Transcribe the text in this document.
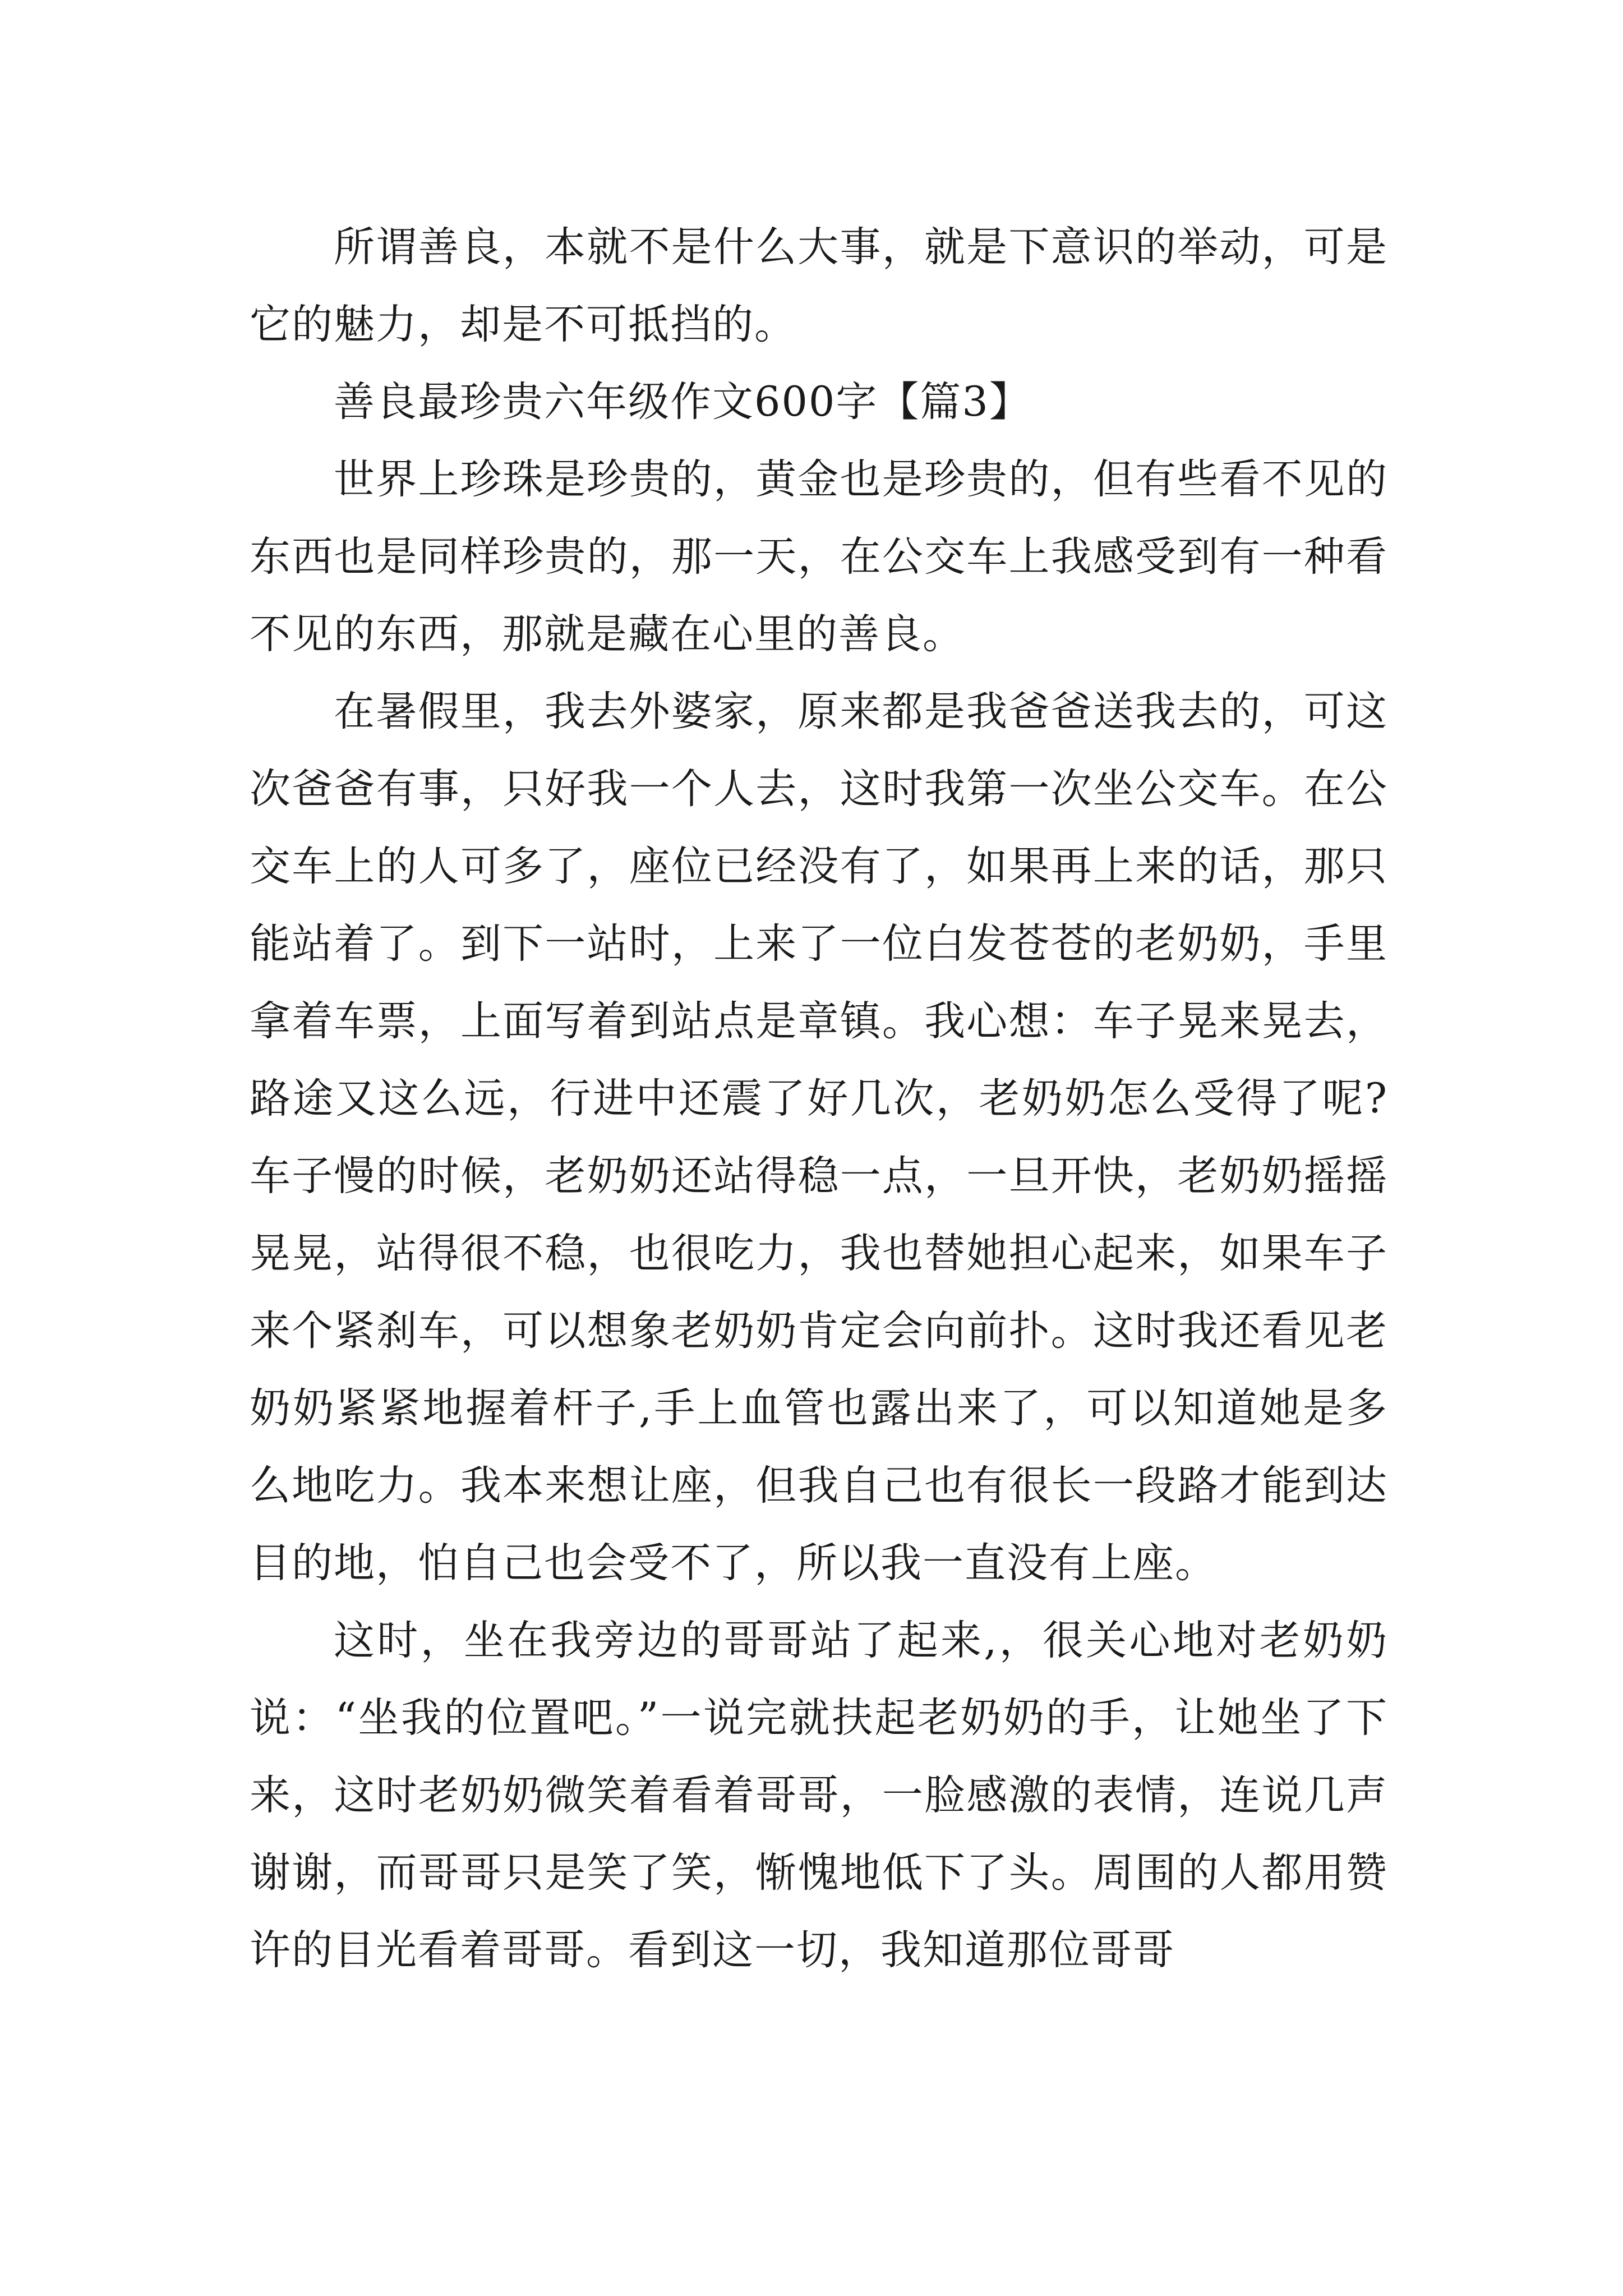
所谓善良，本就不是什么大事，就是下意识的举动，可是它的魅力，却是不可抵挡的。

善良最珍贵六年级作文600字【篇3】

世界上珍珠是珍贵的，黄金也是珍贵的，但有些看不见的东西也是同样珍贵的，那一天，在公交车上我感受到有一种看不见的东西，那就是藏在心里的善良。

在暑假里，我去外婆家，原来都是我爸爸送我去的，可这次爸爸有事，只好我一个人去，这时我第一次坐公交车。在公交车上的人可多了，座位已经没有了，如果再上来的话，那只能站着了。到下一站时，上来了一位白发苍苍的老奶奶，手里拿着车票，上面写着到站点是章镇。我心想：车子晃来晃去，路途又这么远，行进中还震了好几次，老奶奶怎么受得了呢?车子慢的时候，老奶奶还站得稳一点，一旦开快，老奶奶摇摇晃晃，站得很不稳，也很吃力，我也替她担心起来，如果车子来个紧刹车，可以想象老奶奶肯定会向前扑。这时我还看见老奶奶紧紧地握着杆子,手上血管也露出来了，可以知道她是多么地吃力。我本来想让座，但我自己也有很长一段路才能到达目的地，怕自己也会受不了，所以我一直没有上座。

这时，坐在我旁边的哥哥站了起来,，很关心地对老奶奶说：“坐我的位置吧。”一说完就扶起老奶奶的手，让她坐了下来，这时老奶奶微笑着看着哥哥，一脸感激的表情，连说几声谢谢，而哥哥只是笑了笑，惭愧地低下了头。周围的人都用赞许的目光看着哥哥。看到这一切，我知道那位哥哥
